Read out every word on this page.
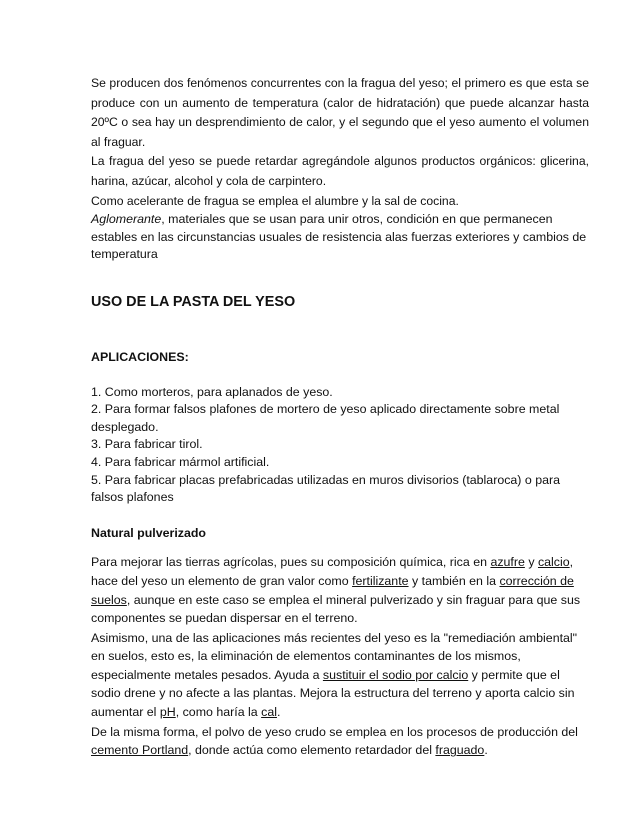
Se producen dos fenómenos concurrentes con la fragua del yeso; el primero es que esta se produce con un aumento de temperatura (calor de hidratación) que puede alcanzar hasta 20ºC o sea hay un desprendimiento de calor, y el segundo que el yeso aumento el volumen al fraguar.

La fragua del yeso se puede retardar agregándole algunos productos orgánicos: glicerina, harina, azúcar, alcohol y cola de carpintero.

Como acelerante de fragua se emplea el alumbre y la sal de cocina.

Aglomerante, materiales que se usan para unir otros, condición en que permanecen estables en las circunstancias usuales de resistencia alas fuerzas exteriores y cambios de temperatura

USO DE LA PASTA DEL YESO

APLICACIONES:

1. Como morteros, para aplanados de yeso.

2. Para formar falsos plafones de mortero de yeso aplicado directamente sobre metal desplegado.

3. Para fabricar tirol.

4. Para fabricar mármol artificial.

5. Para fabricar placas prefabricadas utilizadas en muros divisorios (tablaroca) o para falsos plafones

Natural pulverizado

Para mejorar las tierras agrícolas, pues su composición química, rica en azufre y calcio, hace del yeso un elemento de gran valor como fertilizante y también en la corrección de suelos, aunque en este caso se emplea el mineral pulverizado y sin fraguar para que sus componentes se puedan dispersar en el terreno.

Asimismo, una de las aplicaciones más recientes del yeso es la "remediación ambiental" en suelos, esto es, la eliminación de elementos contaminantes de los mismos, especialmente metales pesados. Ayuda a sustituir el sodio por calcio y permite que el sodio drene y no afecte a las plantas. Mejora la estructura del terreno y aporta calcio sin aumentar el pH, como haría la cal.

De la misma forma, el polvo de yeso crudo se emplea en los procesos de producción del cemento Portland, donde actúa como elemento retardador del fraguado.
